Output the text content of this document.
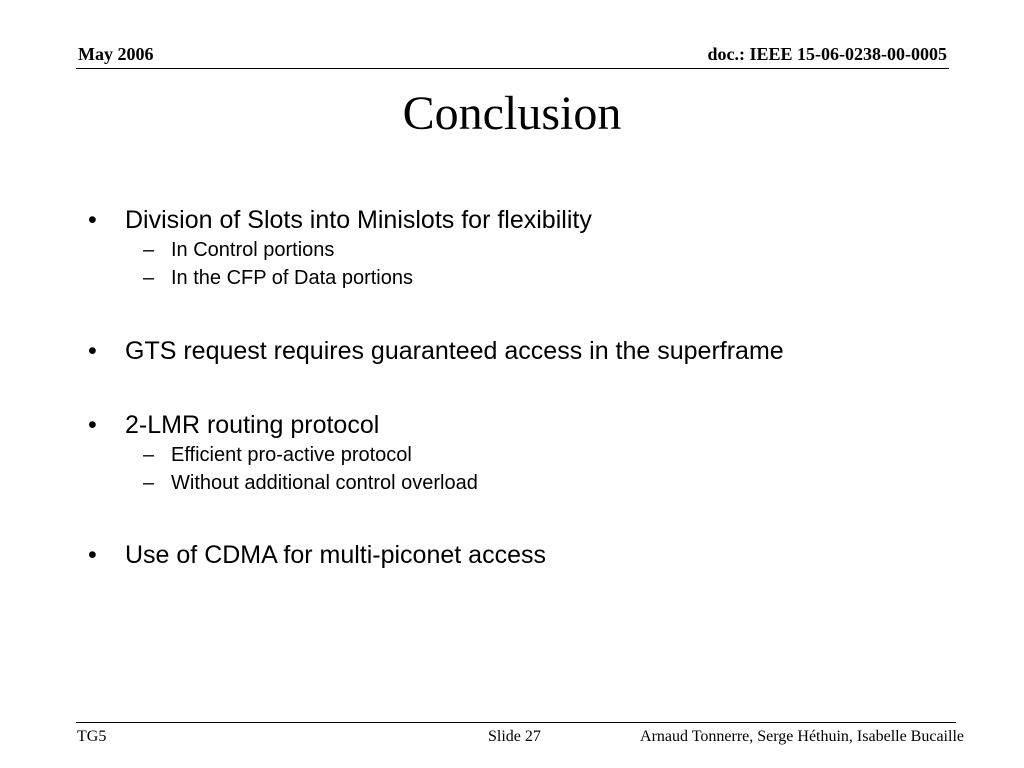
May 2006	doc.: IEEE 15-06-0238-00-0005
Conclusion
• Division of Slots into Minislots for flexibility
– In Control portions
– In the CFP of Data portions
• GTS request requires guaranteed access in the superframe
• 2-LMR routing protocol
– Efficient pro-active protocol
– Without additional control overload
• Use of CDMA for multi-piconet access
TG5	Slide 27	Arnaud Tonnerre, Serge Héthuin, Isabelle Bucaille
